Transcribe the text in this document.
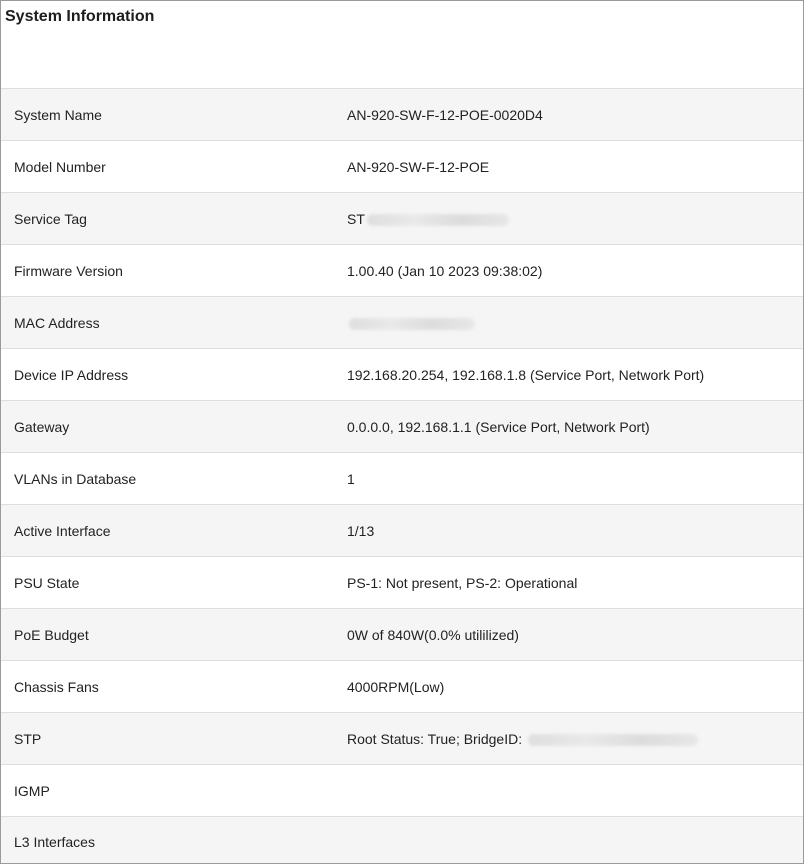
System Information
System Name	AN-920-SW-F-12-POE-0020D4
Model Number	AN-920-SW-F-12-POE
Service Tag	ST
Firmware Version	1.00.40 (Jan 10 2023 09:38:02)
MAC Address
Device IP Address	192.168.20.254, 192.168.1.8 (Service Port, Network Port)
Gateway	0.0.0.0, 192.168.1.1 (Service Port, Network Port)
VLANs in Database	1
Active Interface	1/13
PSU State	PS-1: Not present, PS-2: Operational
PoE Budget	0W of 840W(0.0% utililized)
Chassis Fans	4000RPM(Low)
STP	Root Status: True; BridgeID:
IGMP
L3 Interfaces
